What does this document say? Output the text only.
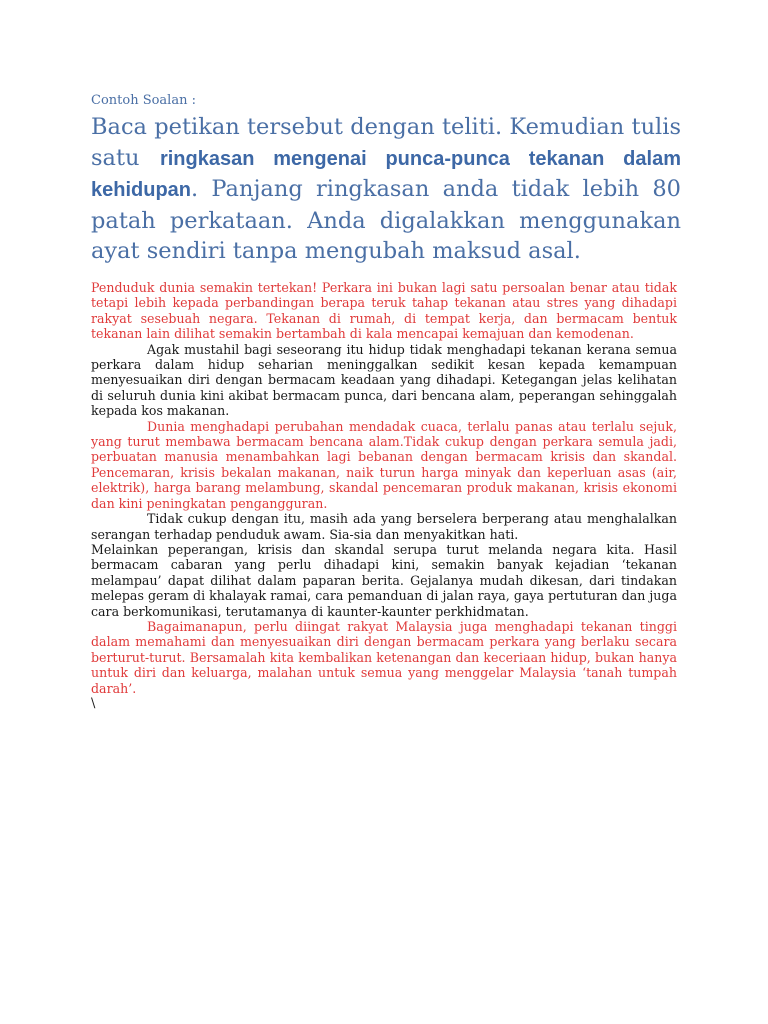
Contoh Soalan :
Baca petikan tersebut dengan teliti. Kemudian tulis satu ringkasan mengenai punca-punca tekanan dalam kehidupan. Panjang ringkasan anda tidak lebih 80 patah perkataan. Anda digalakkan menggunakan ayat sendiri tanpa mengubah maksud asal.

Penduduk dunia semakin tertekan! Perkara ini bukan lagi satu persoalan benar atau tidak tetapi lebih kepada perbandingan berapa teruk tahap tekanan atau stres yang dihadapi rakyat sesebuah negara. Tekanan di rumah, di tempat kerja, dan bermacam bentuk tekanan lain dilihat semakin bertambah di kala mencapai kemajuan dan kemodenan.

Agak mustahil bagi seseorang itu hidup tidak menghadapi tekanan kerana semua perkara dalam hidup seharian meninggalkan sedikit kesan kepada kemampuan menyesuaikan diri dengan bermacam keadaan yang dihadapi. Ketegangan jelas kelihatan di seluruh dunia kini akibat bermacam punca, dari bencana alam, peperangan sehinggalah kepada kos makanan.

Dunia menghadapi perubahan mendadak cuaca, terlalu panas atau terlalu sejuk, yang turut membawa bermacam bencana alam.Tidak cukup dengan perkara semula jadi, perbuatan manusia menambahkan lagi bebanan dengan bermacam krisis dan skandal. Pencemaran, krisis bekalan makanan, naik turun harga minyak dan keperluan asas (air, elektrik), harga barang melambung, skandal pencemaran produk makanan, krisis ekonomi dan kini peningkatan pengangguran.

Tidak cukup dengan itu, masih ada yang berselera berperang atau menghalalkan serangan terhadap penduduk awam. Sia-sia dan menyakitkan hati.

Melainkan peperangan, krisis dan skandal serupa turut melanda negara kita. Hasil bermacam cabaran yang perlu dihadapi kini, semakin banyak kejadian ‘tekanan melampau’ dapat dilihat dalam paparan berita. Gejalanya mudah dikesan, dari tindakan melepas geram di khalayak ramai, cara pemanduan di jalan raya, gaya pertuturan dan juga cara berkomunikasi, terutamanya di kaunter-kaunter perkhidmatan.

Bagaimanapun, perlu diingat rakyat Malaysia juga menghadapi tekanan tinggi dalam memahami dan menyesuaikan diri dengan bermacam perkara yang berlaku secara berturut-turut. Bersamalah kita kembalikan ketenangan dan keceriaan hidup, bukan hanya untuk diri dan keluarga, malahan untuk semua yang menggelar Malaysia ‘tanah tumpah darah’.

\
